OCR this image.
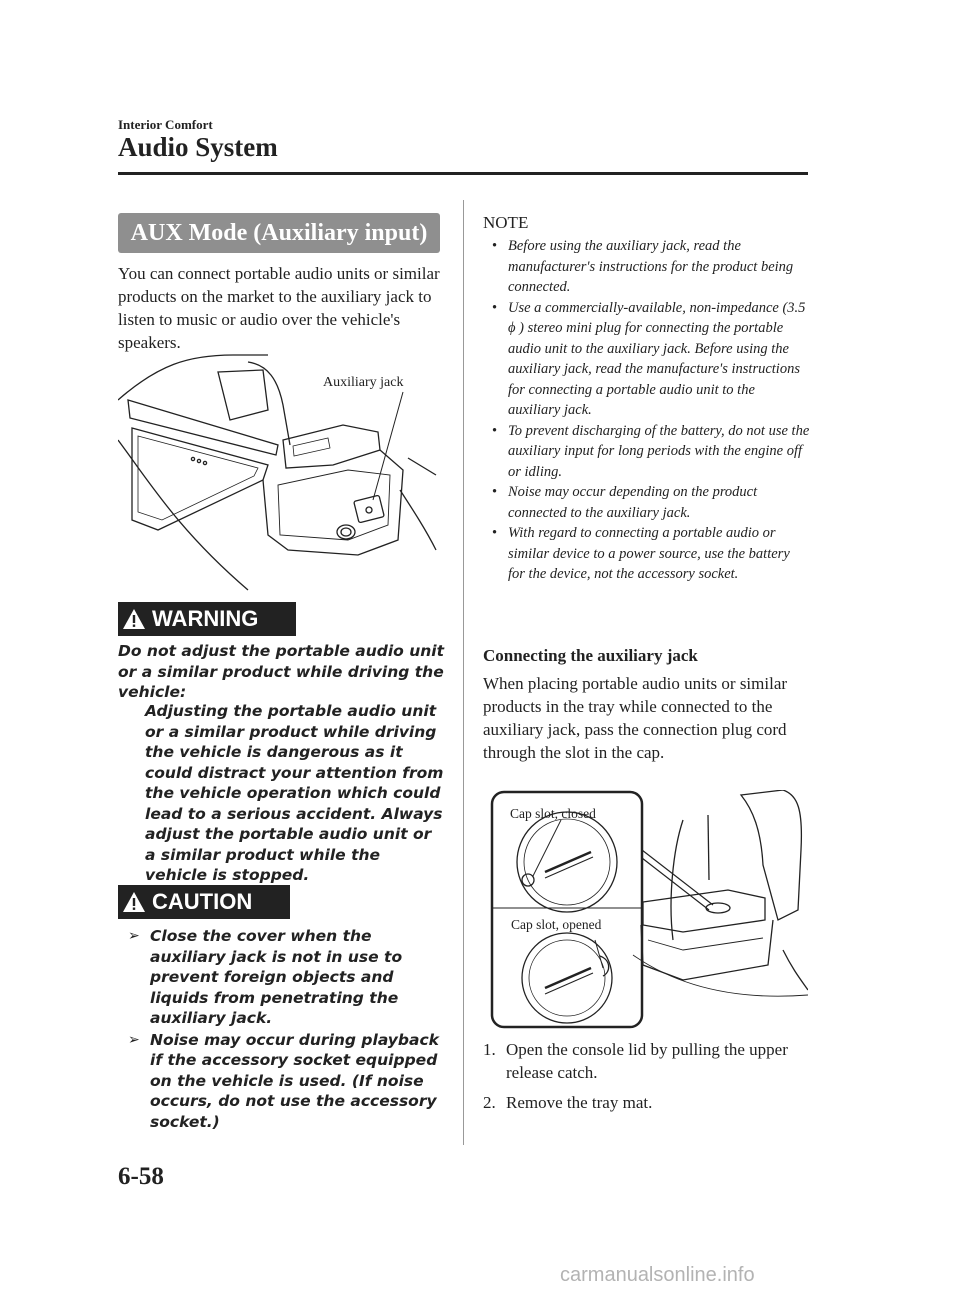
Interior Comfort
Audio System
AUX Mode (Auxiliary input)
You can connect portable audio units or similar products on the market to the auxiliary jack to listen to music or audio over the vehicle's speakers.
Auxiliary jack
WARNING
Do not adjust the portable audio unit or a similar product while driving the vehicle:
Adjusting the portable audio unit or a similar product while driving the vehicle is dangerous as it could distract your attention from the vehicle operation which could lead to a serious accident. Always adjust the portable audio unit or a similar product while the vehicle is stopped.
CAUTION
➢ Close the cover when the auxiliary jack is not in use to prevent foreign objects and liquids from penetrating the auxiliary jack.
➢ Noise may occur during playback if the accessory socket equipped on the vehicle is used. (If noise occurs, do not use the accessory socket.)
NOTE
• Before using the auxiliary jack, read the manufacturer's instructions for the product being connected.
• Use a commercially-available, non-impedance (3.5 ϕ ) stereo mini plug for connecting the portable audio unit to the auxiliary jack. Before using the auxiliary jack, read the manufacture's instructions for connecting a portable audio unit to the auxiliary jack.
• To prevent discharging of the battery, do not use the auxiliary input for long periods with the engine off or idling.
• Noise may occur depending on the product connected to the auxiliary jack.
• With regard to connecting a portable audio or similar device to a power source, use the battery for the device, not the accessory socket.
Connecting the auxiliary jack
When placing portable audio units or similar products in the tray while connected to the auxiliary jack, pass the connection plug cord through the slot in the cap.
Cap slot, closed
Cap slot, opened
1. Open the console lid by pulling the upper release catch.
2. Remove the tray mat.
6-58
carmanualsonline.info
